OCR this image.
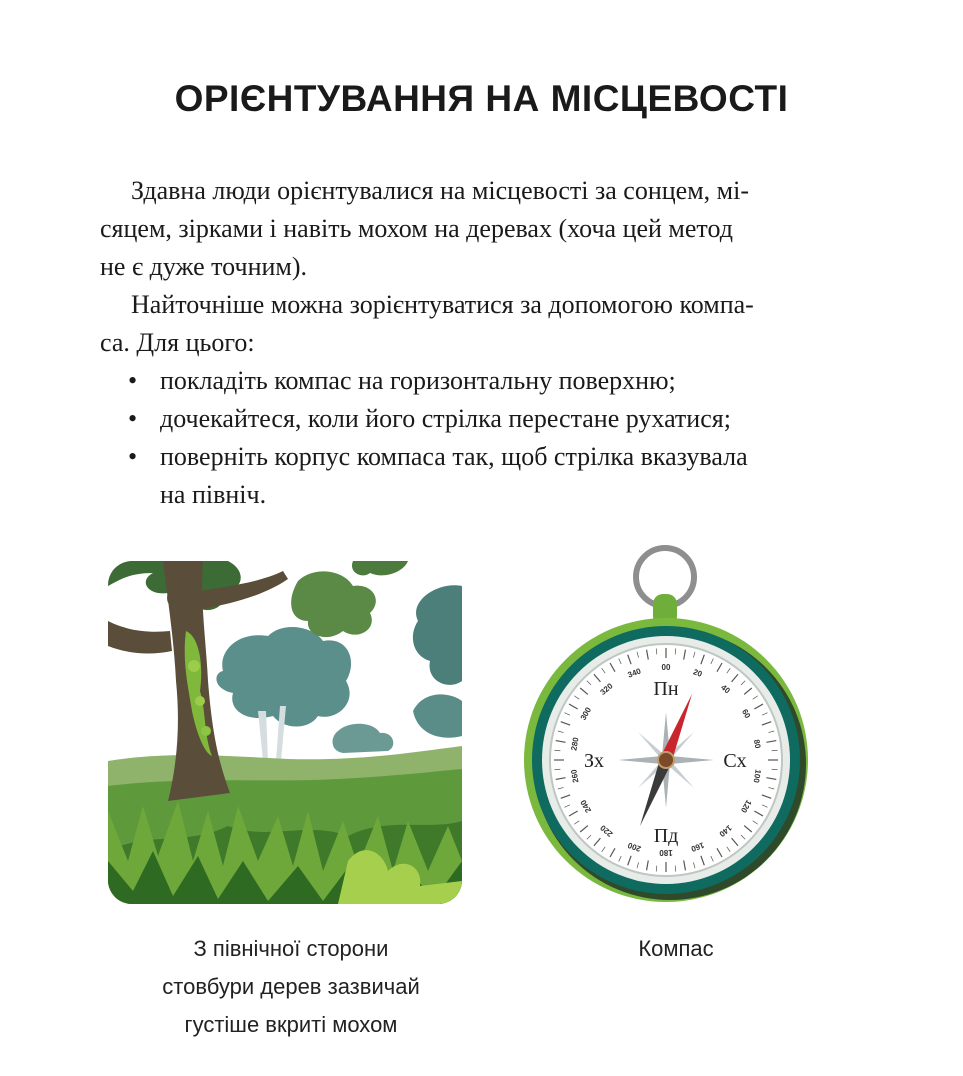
ОРІЄНТУВАННЯ НА МІСЦЕВОСТІ

Здавна люди орієнтувалися на місцевості за сонцем, мі-
сяцем, зірками і навіть мохом на деревах (хоча цей метод
не є дуже точним).

Найточніше можна зорієнтуватися за допомогою компа-
са. Для цього:

• покладіть компас на горизонтальну поверхню;
• дочекайтеся, коли його стрілка перестане рухатися;
• поверніть корпус компаса так, щоб стрілка вказувала
на північ.
00	20
40
60
80
100
120
140
160
180
200
220
240
260
280
300
320
340
Пн
Пд
Зх	Сх
З північної сторони
стовбури дерев зазвичай
густіше вкриті мохом
Компас
